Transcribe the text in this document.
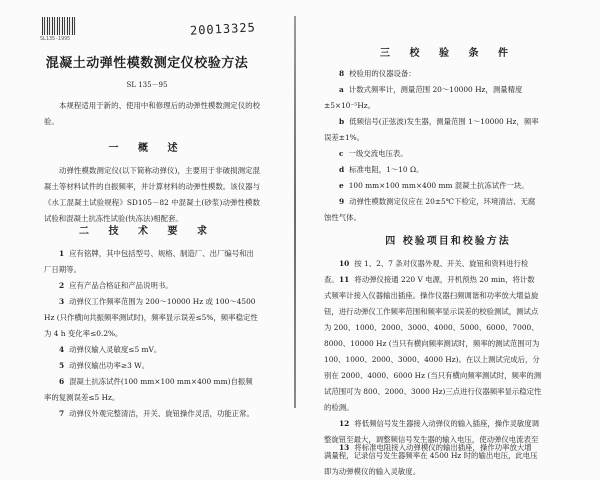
SL135-1995
20013325
混凝土动弹性模数测定仪校验方法
SL 135－95
本规程适用于新的、使用中和修理后的动弹性模数测定仪的校验。
一 概 述
动弹性模数测定仪(以下简称动弹仪)，主要用于非破损测定混凝土等材料试件的自振频率，并计算材料的动弹性模数。该仪器与《水工混凝土试验规程》SD105－82 中混凝土(砂浆)动弹性模数试验和混凝土抗冻性试验(快冻法)相配套。
二 技 术 要 求
1 应有铭牌，其中包括型号、规格、制造厂、出厂编号和出厂日期等。
2 应有产品合格证和产品说明书。
3 动弹仪工作频率范围为 200～10000 Hz 或 100～4500 Hz (只作横向共振频率测试时)，频率显示误差≤5%，频率稳定性为 4 h 变化率≤0.2%。
4 动弹仪输入灵敏度≤5 mV。
5 动弹仪输出功率≥3 W。
6 混凝土抗冻试件(100 mm×100 mm×400 mm)自振频率的复测误差≤5 Hz。
7 动弹仪外观完整清洁，开关、旋钮操作灵活，功能正常。
三 校 验 条 件
8 校验用的仪器设备：
a 计数式频率计，测量范围 20～10000 Hz，测量精度±5×10⁻⁵Hz。
b 低频信号(正弦波)发生器，测量范围 1～10000 Hz，频率误差±1%。
c 一级交流电压表。
d 标准电阻，1～10 Ω。
e 100 mm×100 mm×400 mm 混凝土抗冻试件一块。
9 动弹性模数测定仪应在 20±5℃下检定，环境清洁、无腐蚀性气体。
四 校验项目和校验方法
10 按 1、2、7 条对仪器外观、开关、旋钮和资料进行检查。 11 将动弹仪接通 220 V 电源，开机预热 20 min，将计数式频率计接入仪器输出插座。操作仪器扫频调谐和功率放大增益旋钮，进行动弹仪工作频率范围和频率显示误差的校验测试，测试点为 200、1000、2000、3000、4000、5000、6000、7000、8000、10000 Hz (当只有横向频率测试时，频率的测试范围可为 100、1000、2000、3000、4000 Hz)。在以上测试完成后，分别在 2000、4000、6000 Hz (当只有横向频率测试时，频率的测试范围可为 800、2000、3000 Hz)三点进行仪器频率显示稳定性的检测。
12 将低频信号发生器接入动弹仪的输入插座，操作灵敏度调整旋钮至最大，调整频信号发生器的输入电压，使动弹仪电流表至满量程，记录信号发生器频率在 4500 Hz 时的输出电压，此电压即为动弹模仪的输入灵敏度。
13 将标准电阻接入动弹模仪的输出插座，操作功率放大增
